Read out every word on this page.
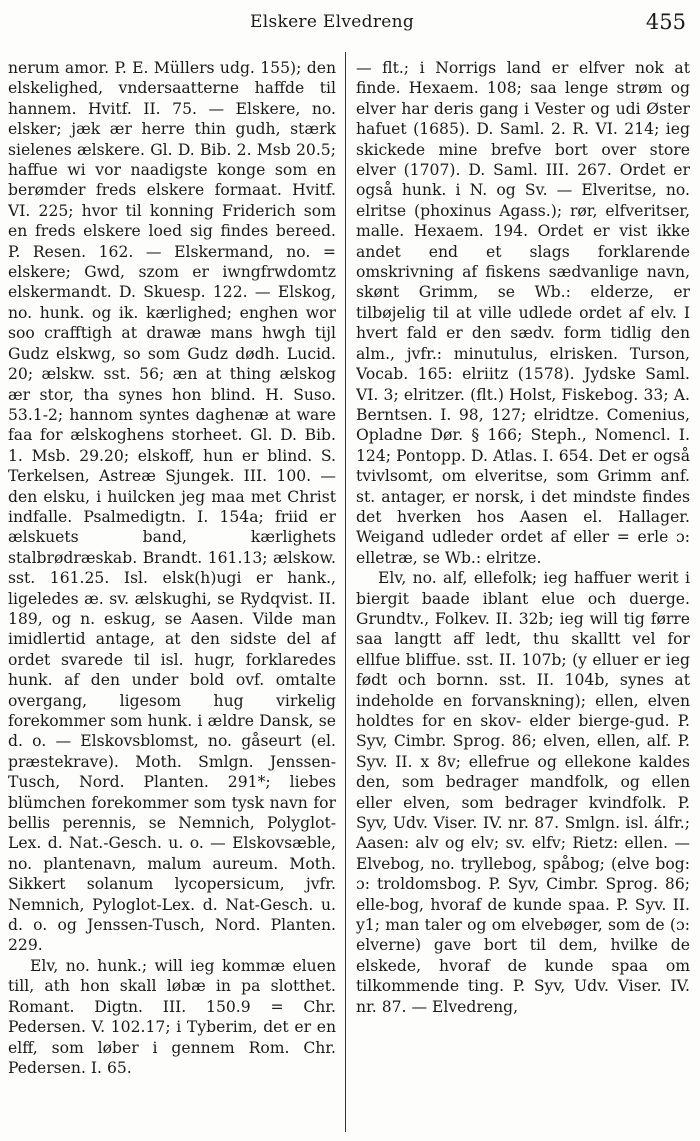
Elskere Elvedreng	455

nerum amor. P. E. Müllers udg. 155); den elskelighed, vndersaatterne haffde til hannem. Hvitf. II. 75. — Elskere, no. elsker; jæk ær herre thin gudh, stærk sielenes ælskere. Gl. D. Bib. 2. Msb 20.5; haffue wi vor naadigste konge som en berømder freds elskere formaat. Hvitf. VI. 225; hvor til konning Friderich som en freds elskere loed sig findes bereed. P. Resen. 162. — Elskermand, no. = elskere; Gwd, szom er iwngfrwdomtz elskermandt. D. Skuesp. 122. — Elskog, no. hunk. og ik. kærlighed; enghen wor soo crafftigh at drawæ mans hwgh tijl Gudz elskwg, so som Gudz dødh. Lucid. 20; ælskw. sst. 56; æn at thing ælskog ær stor, tha synes hon blind. H. Suso. 53.1-2; hannom syntes daghenæ at ware faa for ælskoghens storheet. Gl. D. Bib. 1. Msb. 29.20; elskoff, hun er blind. S. Terkelsen, Astreæ Sjungek. III. 100. — den elsku, i huilcken jeg maa met Christ indfalle. Psalmedigtn. I. 154a; friid er ælskuets band, kærlighets stalbrødræskab. Brandt. 161.13; ælskow. sst. 161.25. Isl. elsk(h)ugi er hank., ligeledes æ. sv. ælskughi, se Rydqvist. II. 189, og n. eskug, se Aasen. Vilde man imidlertid antage, at den sidste del af ordet svarede til isl. hugr, forklaredes hunk. af den under bold ovf. omtalte overgang, ligesom hug virkelig forekommer som hunk. i ældre Dansk, se d. o. — Elskovsblomst, no. gåseurt (el. præstekrave). Moth. Smlgn. Jenssen-Tusch, Nord. Planten. 291*; liebes blümchen forekommer som tysk navn for bellis perennis, se Nemnich, Polyglot-Lex. d. Nat.-Gesch. u. o. — Elskovsæble, no. plantenavn, malum aureum. Moth. Sikkert solanum lycopersicum, jvfr. Nemnich, Pyloglot-Lex. d. Nat-Gesch. u. d. o. og Jenssen-Tusch, Nord. Planten. 229.

Elv, no. hunk.; will ieg kommæ eluen till, ath hon skall løbæ in pa slotthet. Romant. Digtn. III. 150.9 = Chr. Pedersen. V. 102.17; i Tyberim, det er en elff, som løber i gennem Rom. Chr. Pedersen. I. 65.

— flt.; i Norrigs land er elfver nok at finde. Hexaem. 108; saa lenge strøm og elver har deris gang i Vester og udi Øster hafuet (1685). D. Saml. 2. R. VI. 214; ieg skickede mine brefve bort over store elver (1707). D. Saml. III. 267. Ordet er også hunk. i N. og Sv. — Elveritse, no. elritse (phoxinus Agass.); rør, elfveritser, malle. Hexaem. 194. Ordet er vist ikke andet end et slags forklarende omskrivning af fiskens sædvanlige navn, skønt Grimm, se Wb.: elderze, er tilbøjelig til at ville udlede ordet af elv. I hvert fald er den sædv. form tidlig den alm., jvfr.: minutulus, elrisken. Turson, Vocab. 165: elriitz (1578). Jydske Saml. VI. 3; elritzer. (flt.) Holst, Fiskebog. 33; A. Berntsen. I. 98, 127; elridtze. Comenius, Opladne Dør. § 166; Steph., Nomencl. I. 124; Pontopp. D. Atlas. I. 654. Det er også tvivlsomt, om elveritse, som Grimm anf. st. antager, er norsk, i det mindste findes det hverken hos Aasen el. Hallager. Weigand udleder ordet af eller = erle ɔ: elletræ, se Wb.: elritze.

Elv, no. alf, ellefolk; ieg haffuer werit i biergit baade iblant elue och duerge. Grundtv., Folkev. II. 32b; ieg will tig førre saa langtt aff ledt, thu skalltt vel for ellfue bliffue. sst. II. 107b; (y elluer er ieg født och bornn. sst. II. 104b, synes at indeholde en forvanskning); ellen, elven holdtes for en skov- elder bierge-gud. P. Syv, Cimbr. Sprog. 86; elven, ellen, alf. P. Syv. II. x 8v; ellefrue og ellekone kaldes den, som bedrager mandfolk, og ellen eller elven, som bedrager kvindfolk. P. Syv, Udv. Viser. IV. nr. 87. Smlgn. isl. álfr.; Aasen: alv og elv; sv. elfv; Rietz: ellen. — Elvebog, no. tryllebog, spåbog; (elve bog: ɔ: troldomsbog. P. Syv, Cimbr. Sprog. 86; elle-bog, hvoraf de kunde spaa. P. Syv. II. y1; man taler og om elvebøger, som de (ɔ: elverne) gave bort til dem, hvilke de elskede, hvoraf de kunde spaa om tilkommende ting. P. Syv, Udv. Viser. IV. nr. 87. — Elvedreng,
